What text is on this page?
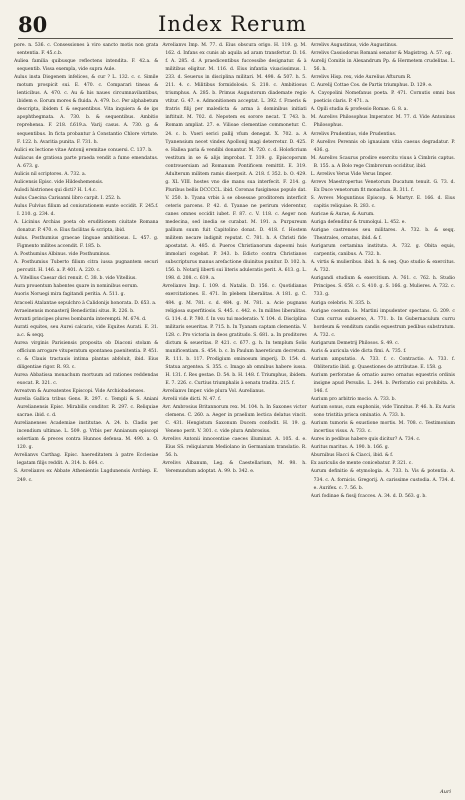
80	Index Rerum

pore. n. 536. c. Consessiones à viro sancto motis non grata sententia. F. 45.c.b.

Auliea familia quibusque reflectens intendita. F. 42.a. & sequentib. Vissa exempla, vide supra Aule.

Aulus insta Diogenem infelices, & cur ? L. 132. c. c. Simile motum prospicit sui. E. 470. c. Comparari tineas & lenticibus. A. 470. c. Au & his naues circumnavilantibus, ibidem e. Eorum mores & fluida. A. 479. b.c. Per alphabetum descripta, ibidem f. & sequentibus. Vita inquiera & de ips apophthegmata. A. 730. b. & sequentibus. Ambitio reprehensa. F. 218. f.619.a. Varij casus. A. 730. g. & sequentibus. In ficta probantur à Constantio Chlore virtute. F. 122. h. Avaritia punita. F. 731. h.

Aulici ex lectione vitae Antonij eremitae conuersi. C. 137. b.

Auliacus de gratiosa parte praeda vendit a fumo emendatus. A. 673. g.

Aulicis nil scriptores. A. 732. a.

Aulicensis Episc. vide Hildeshemensis.

Aulodi histriones qui dicti? H. 1.4.c.

Aulus Caecina Carisanni libro carpit. I. 252. h.

Aulus Fulvius filium ad coniurationem eunte occidit. F. 245.f. I. 210. g. 234. d.

A. Licinius Archias poeta ob eruditionem ciuitate Romana donatur. P. 470. e. Eius facilitas & scripta, ibid.

Aulus. Posthumius graecae linguae ambitiosus. L. 457. g. Figmento milites accendit. F. 185. b.

A. Posthumius Albinus. vide Posthuminus.

A. Posthumius Tuberto filium citra iussa pugnantem securi percutit. H. 146. a. P. 401. A. 220. c.

A. Vitellius Caesar dici renuit. C. 38. b. vide Vitellius.

Aura prouentum habentes quare in nominibus eorum.

Auoris Noruegi mira fagitandi peritia. A. 511. g.

Aracoeli Atalantae sepulchro à Calidonijs honorata. D. 653. a.

Avraeinensis monasterij Benedictini situs. R. 226. b.

Avranti principes plures bombarda interempti. M. 674. d.

Aurati equites, seu Aurei calcaris, vide Equites Aurati. E. 31. a.c. & seqq.

Aurea virginis Parisiensis proposita ob Diaconi stolam & officium arrogare vituperatum spontanea paenitentia. P. 451. c. & Clauis tractauis intima plantas abfoluit, ibid. Eius diligentiae rigor. R. 93. c.

Aurea Abbatissa monachum mortuum ad rationes reddendas euocat. R. 321. c.

Avreatvm & Aureatentes Episcopi. Vide Archiobadenses.

Aurelia Gallica tribus Gens. R. 297. c. Templi & S. Aniani Aurelianensis Episc. Mirabilis conditor. R. 297. c. Reliquiae sacrae. ibid. c. d.

Aurelianenses Academiae institutae. A. 24. b. Cladis per incendium ultimae. L. 509. g. Vrbis per Annianum episcopi solertiam & preces contra Hunnos defensa. M. 490. a. O. 120. g.

Avrelianvs Carthag. Episc. haereditatem à patre Ecclesiae legatam filijs reddit. A. 314. b. 664. c.

S. Avrelianvs ex Abbate Athenientis Lugdunensis Archiep. E. 249. c.

Avrelianvs Imp. M. 77. d. Eius obscura origo. H. 119. g. M. 162. d. Infans ex cunis ab aquila ad aram transfertur. D. 16. f. A. 285. d. A praedicentibus fuccessibe designatur. & à militibus eligitur. M. 116. d. Eius infantia viuacissimus. I. 233. d. Seuerus in disciplina militari. M. 498. & 507. h. 5. 211. 4. c. Militibus formidolosis. S. 218. c. Ambitiosus triumphus. A. 285. b. Primus Augustorum diademate regio vtitur. G. 47. e. Admonitionem acceptat. L. 392. f. Fraeris & fratris filij per maledicta & arma à dominibus initiati inftituit. M. 702. d. Nepotem ex sorore necat. T. 743. b. Romam ampliat. 27. e. Vilioae clementiae commonetur. C. 24. c. b. Vxeri serici pallij vfum denegat. X. 702. a. A Tyanensium necet vindex Apollonij magi deterretur. D. 425. e. Hallea paria & vendibi donantur. M. 720. c. d. Holoficrium vestitum in se & alijs improbat. T. 319. g. Episcoporum controuersiam ad Romanum Pontificem remittit. E. 319. Adulterum militem ramis diserpsit. A. 218. f. 352. b. O. 429. g. XL VIII. hostes vno die manu sua interfecit. F. 214. g. Pluribus bellis DCCCCL. ibid. Coronas fusigineas populo dat. V. 250. b. Tyana vrbis à se obsessae proditorem interficit ceteris parcens. P. 42. d. Tyanae ne perirum viderentur, canes omnes occidit iubet. F. 87. c. V. 118. c. Aeger non medecina, sed inedia se curabat. M. 191. a. Purpureum pallium suum fuit Capitolino donat. D. 418. f. Hostem militem necare indignit reputat. C. 781. h. A Christi fide apostatat. A. 485. d. Pueros Christianorum dapeomi huis immolari cogebat. P. 343. b. Edicto contra Christianos subscripturus manus arefactione diuinitus punitur. D. 102. h. 156. b. Notarij liberti sui literis aduleratis perit. A. 613. g. L. 198. d. 208. c. 619. a.

Avrelianvs Imp. I. 109. d. Natalis. D. 156. c. Quotidianas exercitationes. E. 471. In plebem liberalitas. A 181. g. C. 484. g. M. 781. c. d. 484. g. M. 781. a. Acie pugnans religiosa superfitiosis. S. 445. c. 442. e. In milites liberalitas. G. 114. d. P. 780. f. In vsu tui moderatio. Y. 104. d. Disciplina militaris seueritas. P. 715. h. In Tyanam captam clementia. V. 128. c. Pro victoria in deos gratitudo. S. 681. a. In proditores dictum & seueritas. P. 421. c. 677. g. h. In templum Solis munificentiam. S. 454. b. c. In Paulum haereticum decretum. R. 111. b. 117. Prodigium ominosum imperij. D. 154. d. Statua argentea. S. 355. c. Imago ab omnibus habere iussa. H. 131. f. Res gestae. D. 54. b. H. 148. f. Triumphus, ibidem. E. 7. 226. c. Curtius triumphalis à senatu tradita. 215. f.

Avrelianvs Imper. vide plura Vol. Aurelianus.

Avrelii vide dicti. N. 47. f.

Avr. Ambrosius Britannorum rex. M. 104. h. In Saxones victor clemens. C. 260. a. Aeger in praelium lectica delatus vincit. C. 431. Hengistum Saxonum Ducem confodit. H. 19. g. Veneno perit. V. 301. c. vide plura Ambrosius.

Avrelivs Antonii innocentiae caeces illuminat. A. 105. d. e. Eius SS. reliquiarum Mediolano in Germaniam translatio. R. 56. h.

Avrelivs Albanum, Leg. & Caestellarium, M. 98. h. Veremundum adoptat. A. 99. b. 342. e.

Avrelivs Augustinus, vide Augustinus.

Avrelivs Cassiodorus Romani senator & Magistrog. A. 57. og.

Aurelij Comitis in Alexandrum Pp. & Hermetem crudelitas. L. 56. h.

Avrelivs Hisp. rex, vide Aurelius Afturum R.

C. Aurelij Cottae Cos. de Partis triumphus. D. 129. e.

A. Cayopolini Nomefanus poeta. P. 471. Cornutis omni bus poeticis claris. P. 471. a.

A. Opili studia & professio Romae. G. 8. a.

M. Aurelivs Philosophus Imperator. M. 77. d. Vide Antoninus Philosophus.

Avrelivs Prudentius, vide Prudentius.

P. Aurelivs Perennis ob ignauiam vitia caesus degradatur. P. 436. g.

M. Aurelivs Scaurus prodire exercitu viuus à Cimbris captus. B. 155. a. A Bolo rege Cimbrorum occiditur, ibid.

L. Avrelivs Verus Vide Verus Imper.

Avrevs Maestropertus Venetorum Ducatum tenuit. G. 73. d. Ex Duce venetorum fit monachus. R. 311. f.

S. Avrevs Moguntinus Episcop. & Martyr. E. 166. d. Eius capitis reliquiae. R. 283. c.

Auricae & Aurae, & Aurum.

Auriga defenditur & trumolqui. L. 452. e.

Aurigae castrenses seu militares. A. 732. b. & seqq. Theatrales, ornatus, ibid. & f.

Aurigarum certamina instituta. A. 732. g. Obita equis, carpentis, canibus. A. 732. h.

A. virtis & mulieribus. ibid. h. & seq. Quo studio & exercitus. A. 732.

Aurigandi studium & exercitium. A. 761. c. 762. h. Studio Principes. S. 658. c. S. 410. g. S. 166. g. Mulieres. A. 732. c. 733. g.

Auriga celebris. N. 335. b.

Aurigae coenum. Io. Martini impudenter spectans. G. 209. c Cum currus subuerso, A. 771. b. In Gubernaculum curru hordeum & venditum candis equestrum pedibus substratum. A. 732. c.

Aurigarum Demetrij Philosos. S. 49. c.

Auris & auricula vide dicta fimi. A. 735. f.

Aurium amputatio. A. 733. f. c. Contractio. A. 733. f. Obliteratio ibid. g. Quaestiones de attributae. E. 158. g.

Aurium perforatae & ornatio aureo ornatus equestris ordinis insigne apud Persulis. L. 244. b. Perforatio cui prohibita. A. 146. f.

Aurium pro arbitrio mocio. A. 733. b.

Aurium sonus, cum euphoniis, vide Tinnitus. P. 46. h. Ex Auris sono tristitia prisca ominatio. A. 733. h.

Aurium tumoris & exustione mortis. M. 708. c. Testimonium incertius visus. A. 733. c.

Aures in pedibus habere quis dicitur? A. 734. c.

Auritus maritus. A. 190. b. 166. g.

Aburnibus Hacci & Ciacci, ibid. & f.

Ex auriculis de mente conicebatur. P. 321. c.

Aurum definitio & etymologia. A. 733. h. Vis & potentia. A. 734. c. A. fornicis. Gregorij. A. carissime custodia. A. 734. d. e. Aurifex. c. 7. 56. b.

Auri fodinae & fissij fcacces. A. 34. d. D. 563. g. b.

Auri
